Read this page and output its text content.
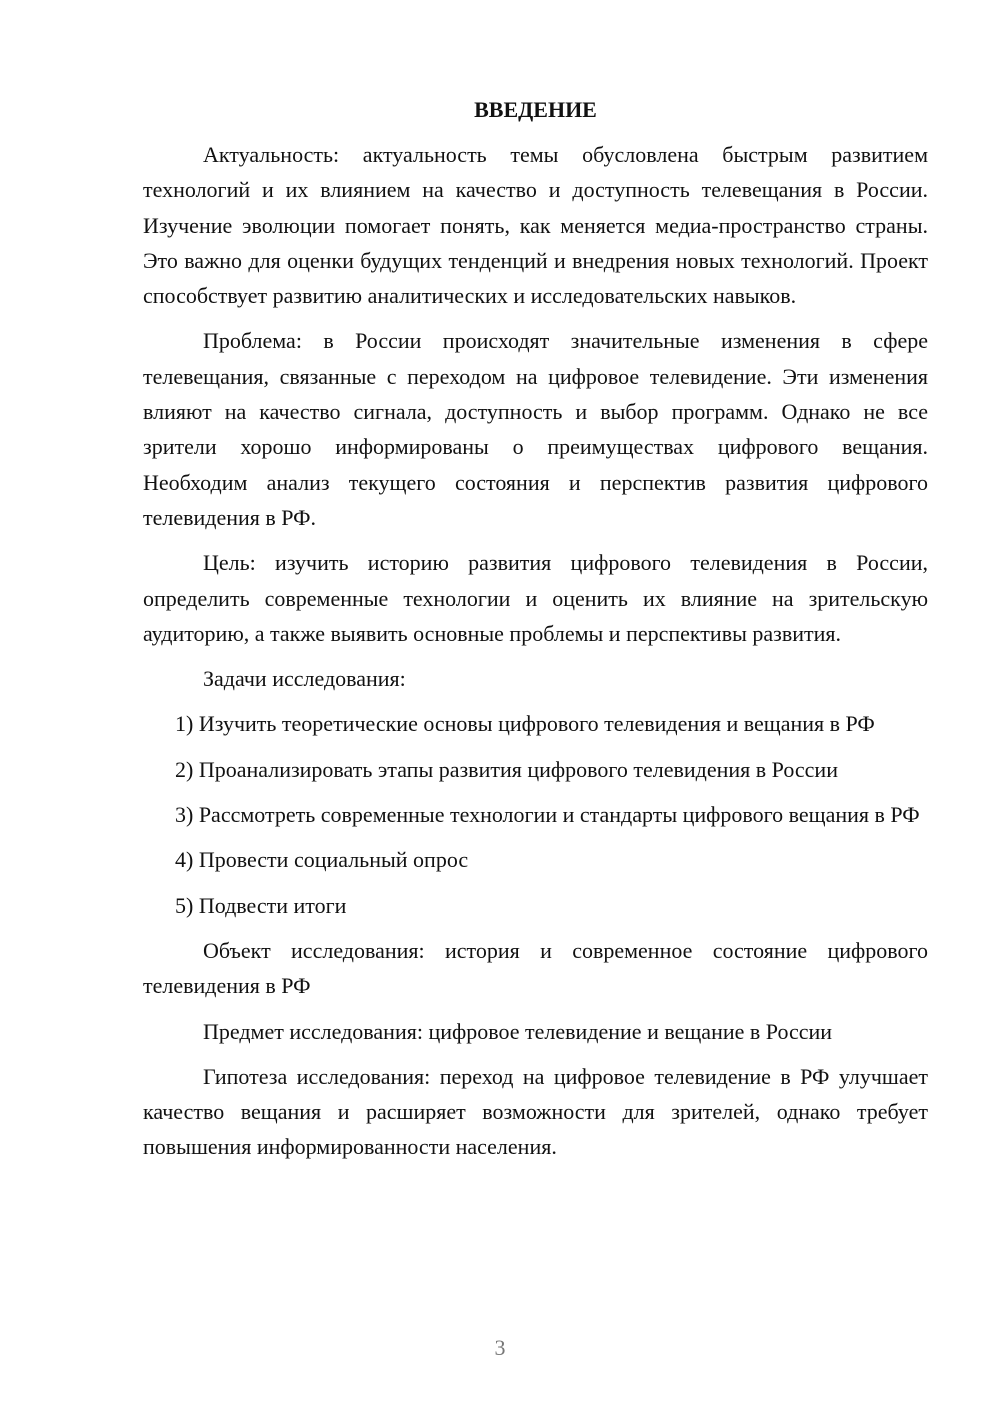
ВВЕДЕНИЕ

Актуальность: актуальность темы обусловлена быстрым развитием технологий и их влиянием на качество и доступность телевещания в России. Изучение эволюции помогает понять, как меняется медиа-пространство страны. Это важно для оценки будущих тенденций и внедрения новых технологий. Проект способствует развитию аналитических и исследовательских навыков.

Проблема: в России происходят значительные изменения в сфере телевещания, связанные с переходом на цифровое телевидение. Эти изменения влияют на качество сигнала, доступность и выбор программ. Однако не все зрители хорошо информированы о преимуществах цифрового вещания. Необходим анализ текущего состояния и перспектив развития цифрового телевидения в РФ.

Цель: изучить историю развития цифрового телевидения в России, определить современные технологии и оценить их влияние на зрительскую аудиторию, а также выявить основные проблемы и перспективы развития.

Задачи исследования:

1) Изучить теоретические основы цифрового телевидения и вещания в РФ

2) Проанализировать этапы развития цифрового телевидения в России

3) Рассмотреть современные технологии и стандарты цифрового вещания в РФ

4) Провести социальный опрос

5) Подвести итоги

Объект исследования: история и современное состояние цифрового телевидения в РФ

Предмет исследования: цифровое телевидение и вещание в России

Гипотеза исследования: переход на цифровое телевидение в РФ улучшает качество вещания и расширяет возможности для зрителей, однако требует повышения информированности населения.

3
